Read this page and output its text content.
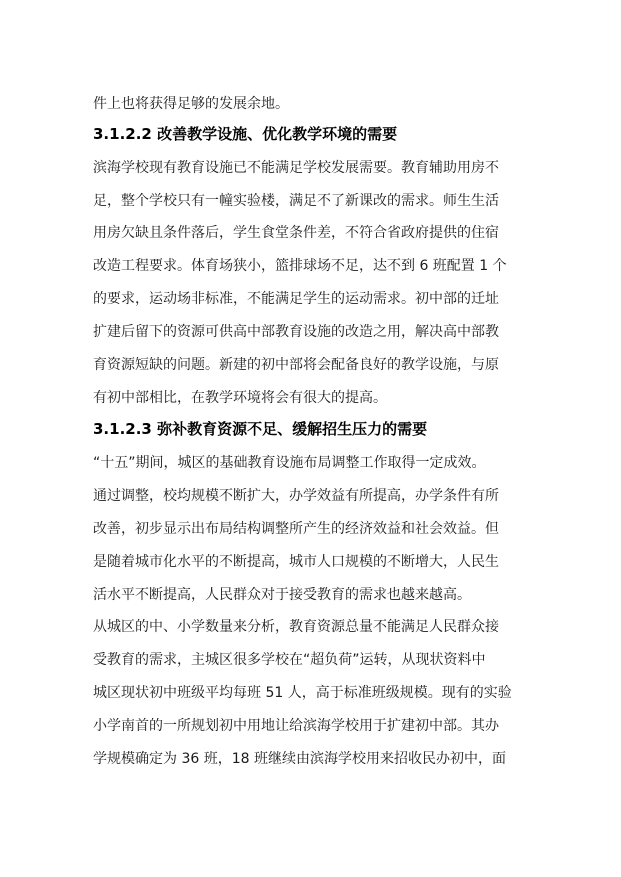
件上也将获得足够的发展余地。
3.1.2.2 改善教学设施、优化教学环境的需要
滨海学校现有教育设施已不能满足学校发展需要。教育辅助用房不
足，整个学校只有一幢实验楼，满足不了新课改的需求。师生生活
用房欠缺且条件落后，学生食堂条件差，不符合省政府提供的住宿
改造工程要求。体育场狭小，篮排球场不足，达不到 6 班配置 1 个
的要求，运动场非标准，不能满足学生的运动需求。初中部的迁址
扩建后留下的资源可供高中部教育设施的改造之用，解决高中部教
育资源短缺的问题。新建的初中部将会配备良好的教学设施，与原
有初中部相比，在教学环境将会有很大的提高。
3.1.2.3 弥补教育资源不足、缓解招生压力的需要
“十五”期间，城区的基础教育设施布局调整工作取得一定成效。
通过调整，校均规模不断扩大，办学效益有所提高，办学条件有所
改善，初步显示出布局结构调整所产生的经济效益和社会效益。但
是随着城市化水平的不断提高，城市人口规模的不断增大，人民生
活水平不断提高，人民群众对于接受教育的需求也越来越高。
从城区的中、小学数量来分析，教育资源总量不能满足人民群众接
受教育的需求，主城区很多学校在“超负荷”运转，从现状资料中
城区现状初中班级平均每班 51 人，高于标准班级规模。现有的实验
小学南首的一所规划初中用地让给滨海学校用于扩建初中部。其办
学规模确定为 36 班，18 班继续由滨海学校用来招收民办初中，面
